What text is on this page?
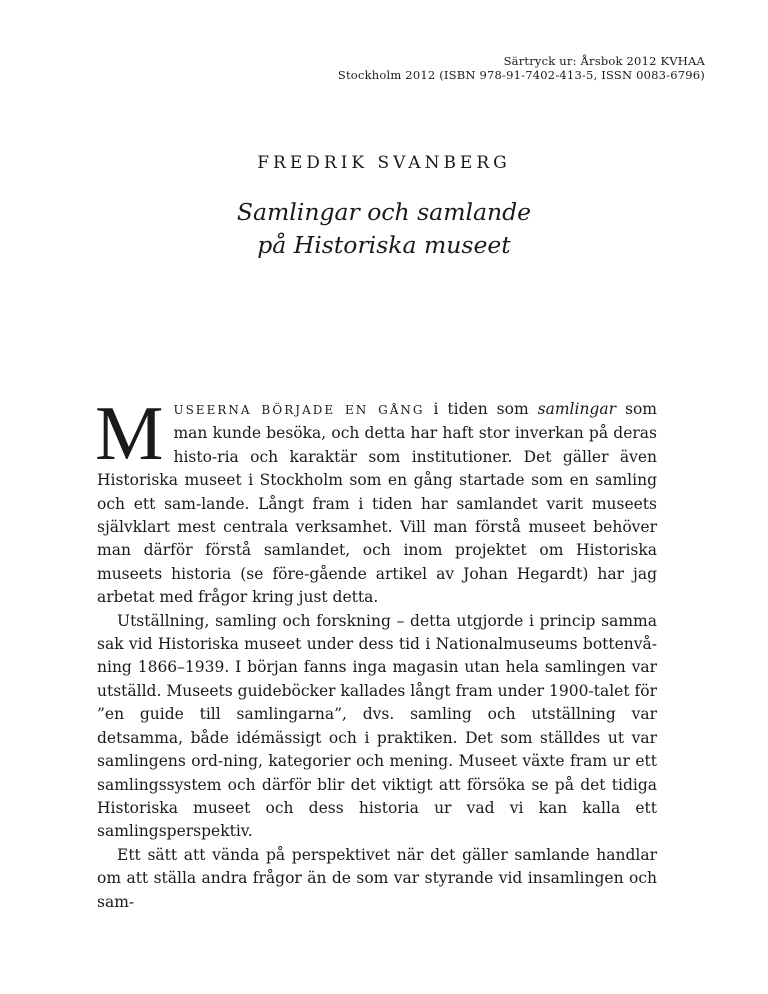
Särtryck ur: Årsbok 2012 KVHAA
Stockholm 2012 (ISBN 978-91-7402-413-5, ISSN 0083-6796)
FREDRIK SVANBERG
Samlingar och samlande
på Historiska museet

MUSEERNA BÖRJADE EN GÅNG i tiden som samlingar som man kunde besöka, och detta har haft stor inverkan på deras histo-ria och karaktär som institutioner. Det gäller även Historiska museet i Stockholm som en gång startade som en samling och ett sam-lande. Långt fram i tiden har samlandet varit museets självklart mest centrala verksamhet. Vill man förstå museet behöver man därför förstå samlandet, och inom projektet om Historiska museets historia (se före-gående artikel av Johan Hegardt) har jag arbetat med frågor kring just detta.

Utställning, samling och forskning – detta utgjorde i princip samma sak vid Historiska museet under dess tid i Nationalmuseums bottenvå-ning 1866–1939. I början fanns inga magasin utan hela samlingen var utställd. Museets guideböcker kallades långt fram under 1900-talet för ”en guide till samlingarna”, dvs. samling och utställning var detsamma, både idémässigt och i praktiken. Det som ställdes ut var samlingens ord-ning, kategorier och mening. Museet växte fram ur ett samlingssystem och därför blir det viktigt att försöka se på det tidiga Historiska museet och dess historia ur vad vi kan kalla ett samlingsperspektiv.

Ett sätt att vända på perspektivet när det gäller samlande handlar om att ställa andra frågor än de som var styrande vid insamlingen och sam-
